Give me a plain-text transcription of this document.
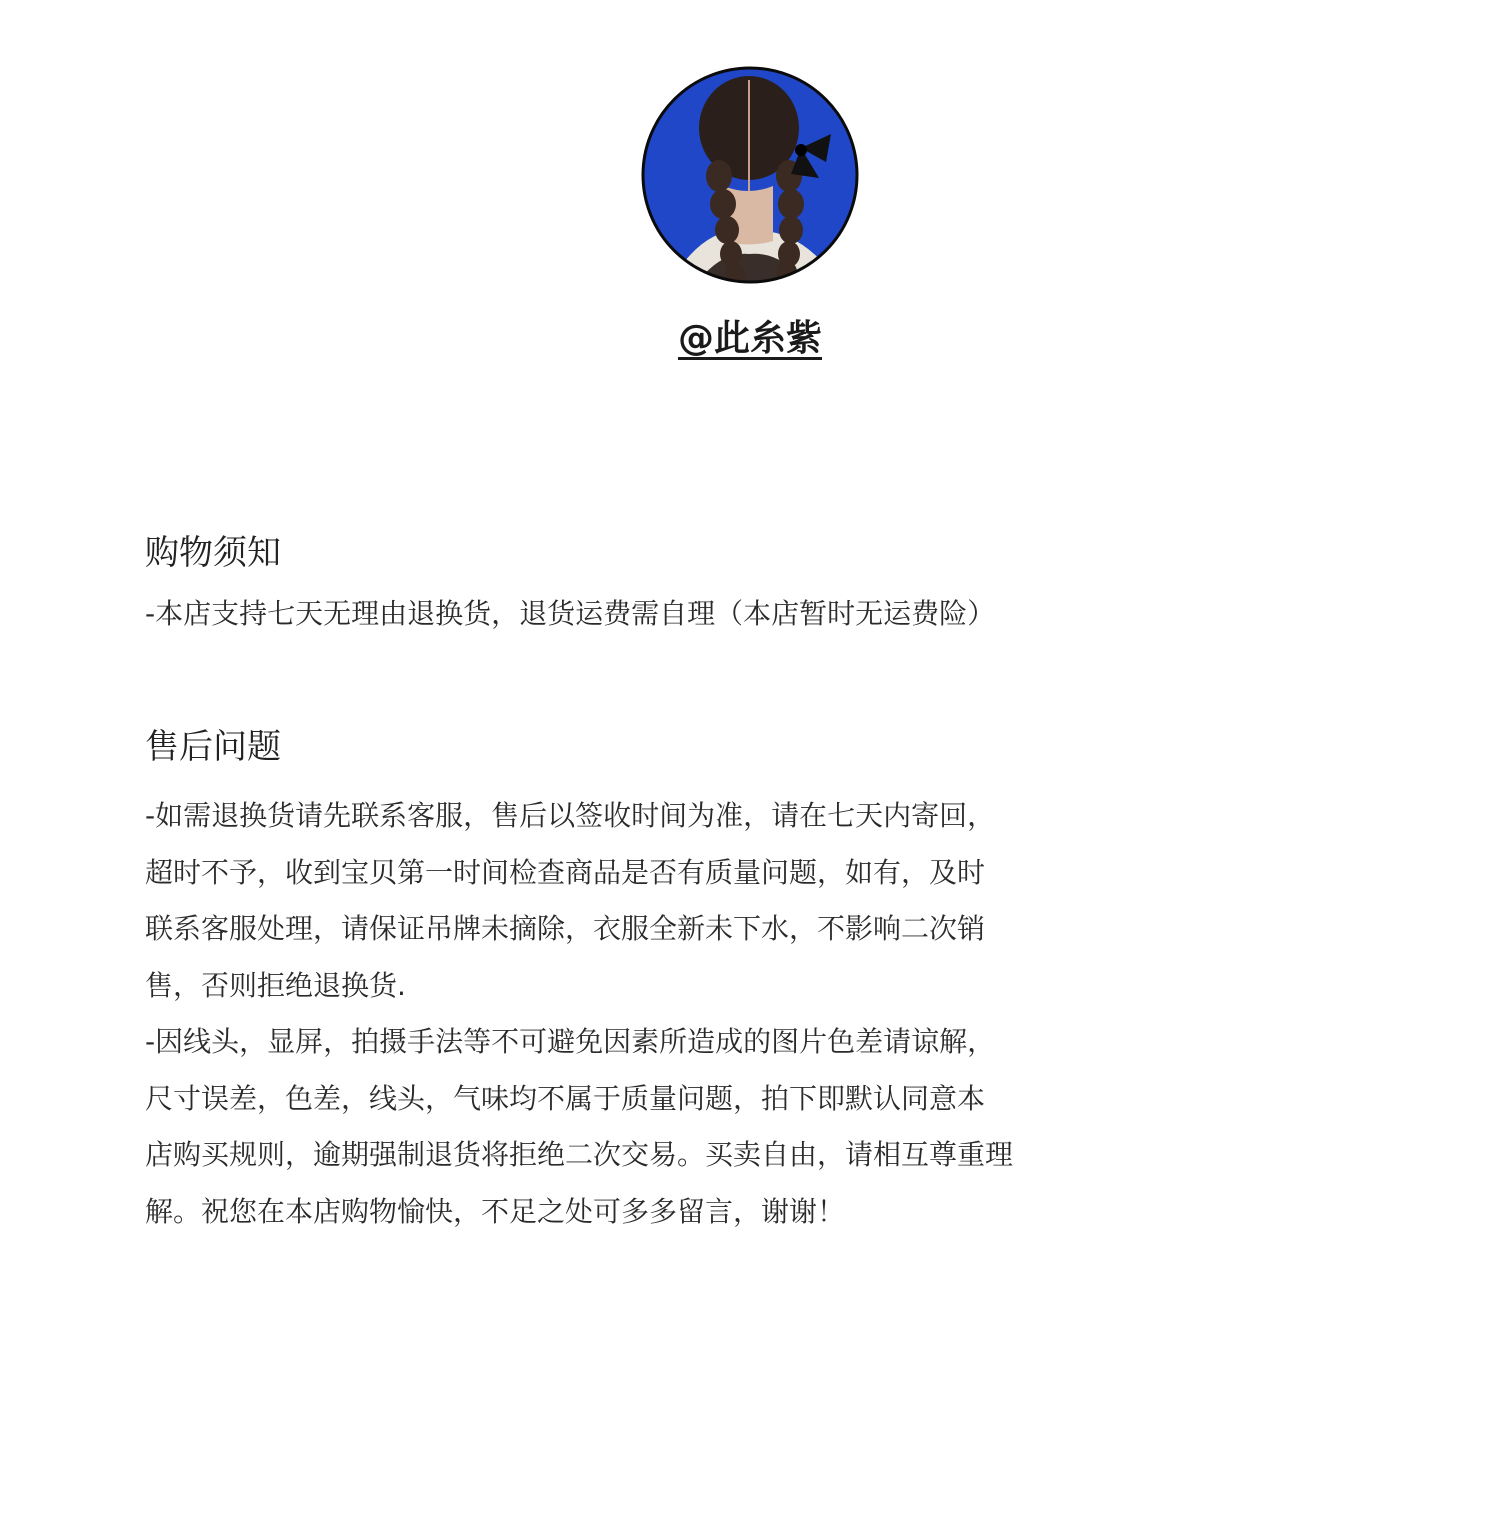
@此糸紫
购物须知

-本店支持七天无理由退换货，退货运费需自理（本店暂时无运费险）

售后问题

-如需退换货请先联系客服，售后以签收时间为准，请在七天内寄回，

超时不予，收到宝贝第一时间检查商品是否有质量问题，如有，及时

联系客服处理，请保证吊牌未摘除，衣服全新未下水，不影响二次销

售，否则拒绝退换货.

-因线头，显屏，拍摄手法等不可避免因素所造成的图片色差请谅解，

尺寸误差，色差，线头，气味均不属于质量问题，拍下即默认同意本

店购买规则，逾期强制退货将拒绝二次交易。买卖自由，请相互尊重理

解。祝您在本店购物愉快，不足之处可多多留言，谢谢！
